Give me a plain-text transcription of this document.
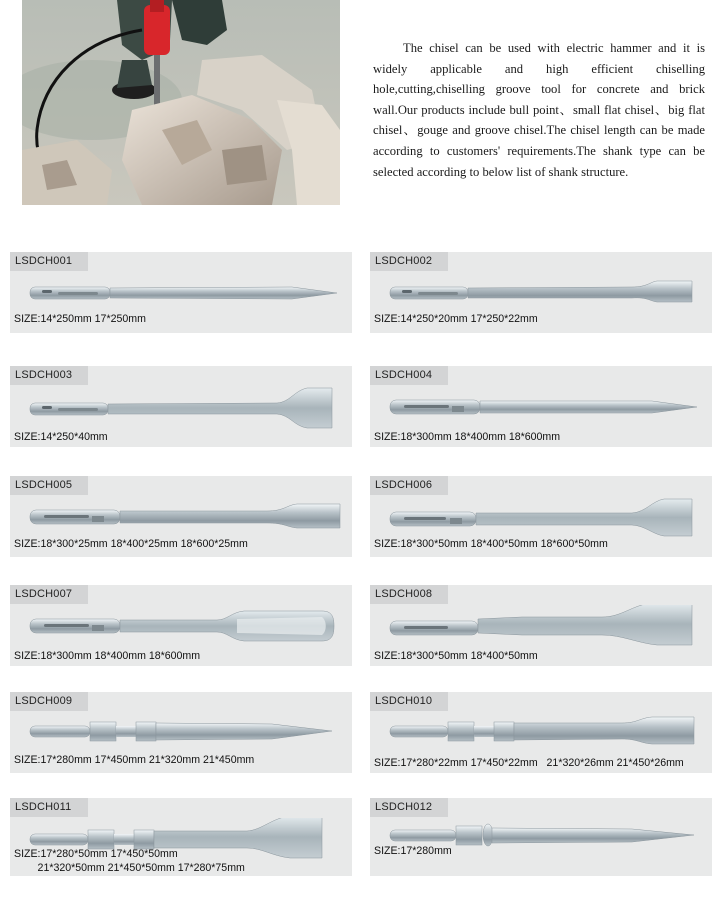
The chisel can be used with electric hammer and it is widely applicable and high efficient chiselling hole,cutting,chiselling groove tool for concrete and brick wall.Our products include bull point、small flat chisel、big flat chisel、gouge and groove chisel.The chisel length can be made according to customers' requirements.The shank type can be selected according to below list of shank structure.

LSDCH001
SIZE:14*250mm 17*250mm
LSDCH002
SIZE:14*250*20mm 17*250*22mm
LSDCH003
SIZE:14*250*40mm
LSDCH004
SIZE:18*300mm 18*400mm 18*600mm
LSDCH005
SIZE:18*300*25mm 18*400*25mm 18*600*25mm
LSDCH006
SIZE:18*300*50mm 18*400*50mm 18*600*50mm
LSDCH007
SIZE:18*300mm 18*400mm 18*600mm
LSDCH008
SIZE:18*300*50mm 18*400*50mm
LSDCH009
SIZE:17*280mm 17*450mm 21*320mm 21*450mm
LSDCH010
SIZE:17*280*22mm 17*450*22mm   21*320*26mm 21*450*26mm
LSDCH011
SIZE:17*280*50mm 17*450*50mm
21*320*50mm 21*450*50mm 17*280*75mm
LSDCH012
SIZE:17*280mm
